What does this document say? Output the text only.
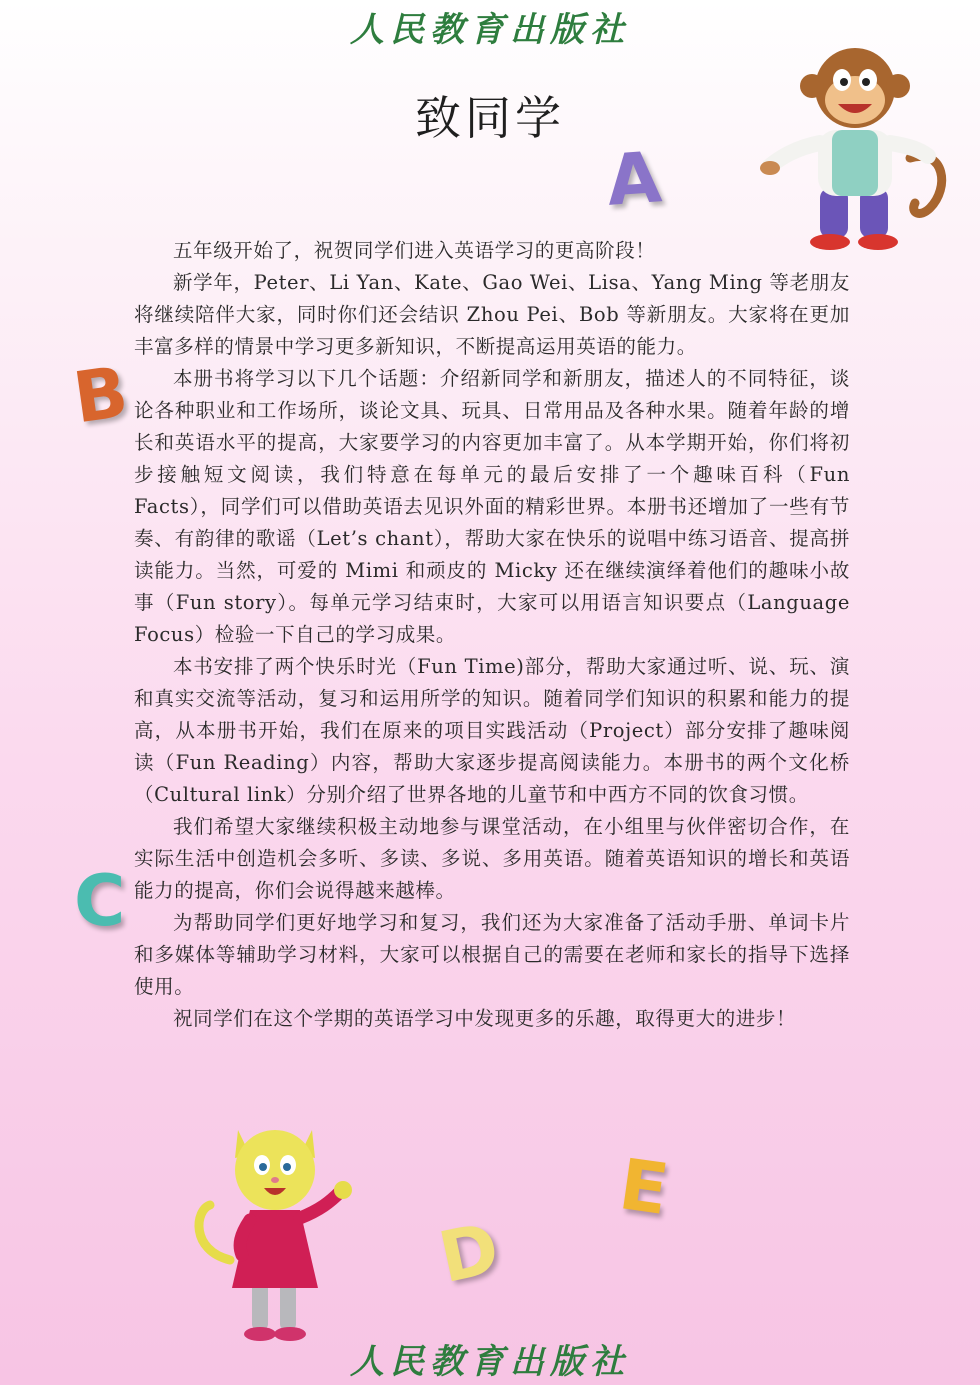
人民教育出版社
致同学
A
B
C
D
E

五年级开始了，祝贺同学们进入英语学习的更高阶段！

新学年，Peter、Li Yan、Kate、Gao Wei、Lisa、Yang Ming 等老朋友将继续陪伴大家，同时你们还会结识 Zhou Pei、Bob 等新朋友。大家将在更加丰富多样的情景中学习更多新知识，不断提高运用英语的能力。

本册书将学习以下几个话题：介绍新同学和新朋友，描述人的不同特征，谈论各种职业和工作场所，谈论文具、玩具、日常用品及各种水果。随着年龄的增长和英语水平的提高，大家要学习的内容更加丰富了。从本学期开始，你们将初步接触短文阅读，我们特意在每单元的最后安排了一个趣味百科（Fun Facts），同学们可以借助英语去见识外面的精彩世界。本册书还增加了一些有节奏、有韵律的歌谣（Let’s chant），帮助大家在快乐的说唱中练习语音、提高拼读能力。当然，可爱的 Mimi 和顽皮的 Micky 还在继续演绎着他们的趣味小故事（Fun story）。每单元学习结束时，大家可以用语言知识要点（Language Focus）检验一下自己的学习成果。

本书安排了两个快乐时光（Fun Time)部分，帮助大家通过听、说、玩、演和真实交流等活动，复习和运用所学的知识。随着同学们知识的积累和能力的提高，从本册书开始，我们在原来的项目实践活动（Project）部分安排了趣味阅读（Fun Reading）内容，帮助大家逐步提高阅读能力。本册书的两个文化桥（Cultural link）分别介绍了世界各地的儿童节和中西方不同的饮食习惯。

我们希望大家继续积极主动地参与课堂活动，在小组里与伙伴密切合作，在实际生活中创造机会多听、多读、多说、多用英语。随着英语知识的增长和英语能力的提高，你们会说得越来越棒。

为帮助同学们更好地学习和复习，我们还为大家准备了活动手册、单词卡片和多媒体等辅助学习材料，大家可以根据自己的需要在老师和家长的指导下选择使用。

祝同学们在这个学期的英语学习中发现更多的乐趣，取得更大的进步！

人民教育出版社
